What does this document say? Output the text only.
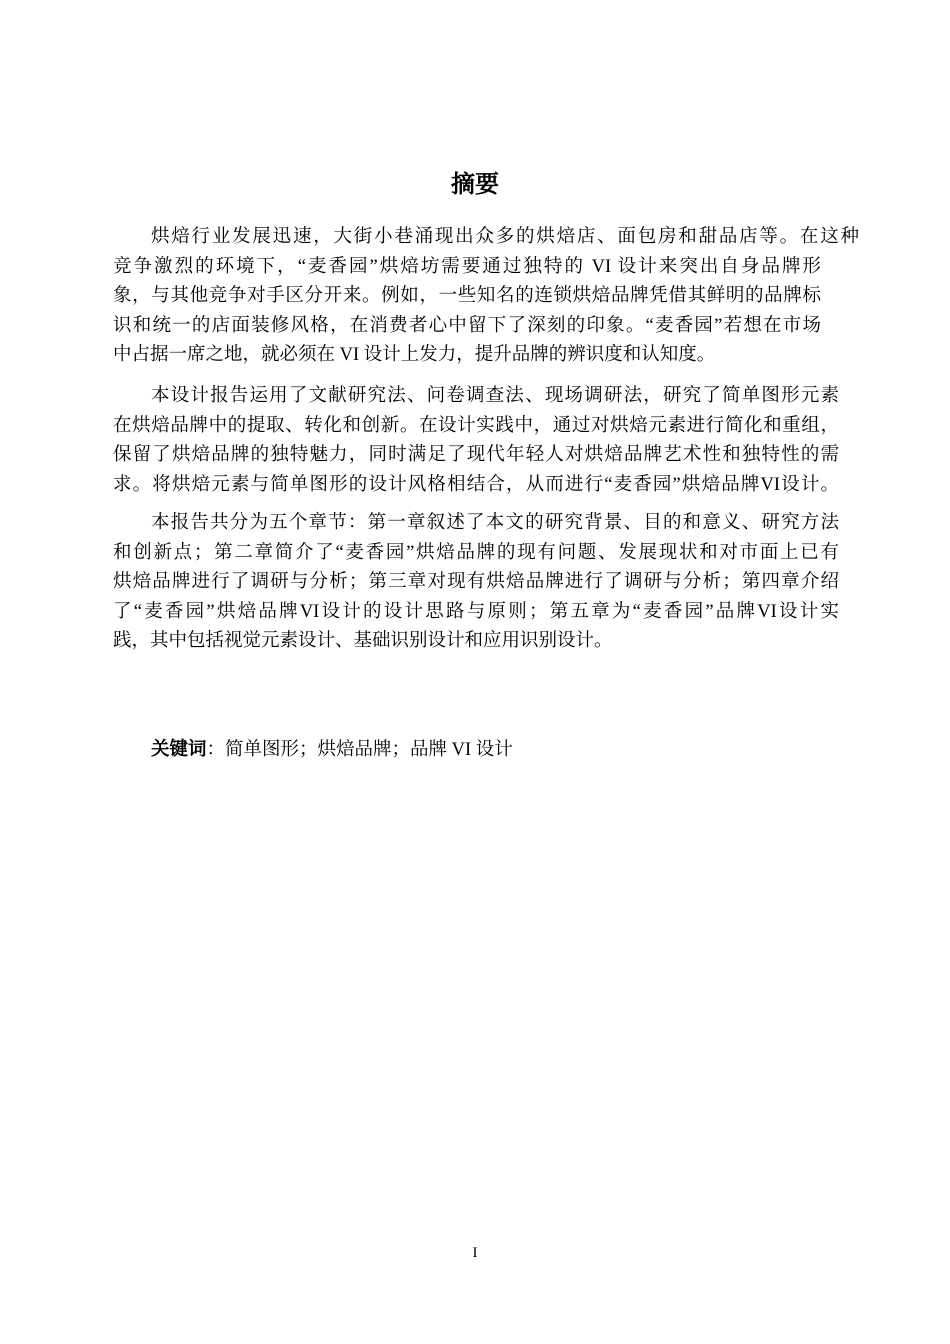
摘要
烘焙行业发展迅速，大街小巷涌现出众多的烘焙店、面包房和甜品店等。在这种
竞争激烈的环境下，“麦香园”烘焙坊需要通过独特的 VI 设计来突出自身品牌形
象，与其他竞争对手区分开来。例如，一些知名的连锁烘焙品牌凭借其鲜明的品牌标
识和统一的店面装修风格，在消费者心中留下了深刻的印象。“麦香园”若想在市场
中占据一席之地，就必须在 VI 设计上发力，提升品牌的辨识度和认知度。
本设计报告运用了文献研究法、问卷调查法、现场调研法，研究了简单图形元素
在烘焙品牌中的提取、转化和创新。在设计实践中，通过对烘焙元素进行简化和重组，
保留了烘焙品牌的独特魅力，同时满足了现代年轻人对烘焙品牌艺术性和独特性的需
求。将烘焙元素与简单图形的设计风格相结合，从而进行“麦香园”烘焙品牌VI设计。
本报告共分为五个章节：第一章叙述了本文的研究背景、目的和意义、研究方法
和创新点；第二章简介了“麦香园”烘焙品牌的现有问题、发展现状和对市面上已有
烘焙品牌进行了调研与分析；第三章对现有烘焙品牌进行了调研与分析；第四章介绍
了“麦香园”烘焙品牌VI设计的设计思路与原则；第五章为“麦香园”品牌VI设计实
践，其中包括视觉元素设计、基础识别设计和应用识别设计。
关键词：简单图形；烘焙品牌；品牌 VI 设计
I
